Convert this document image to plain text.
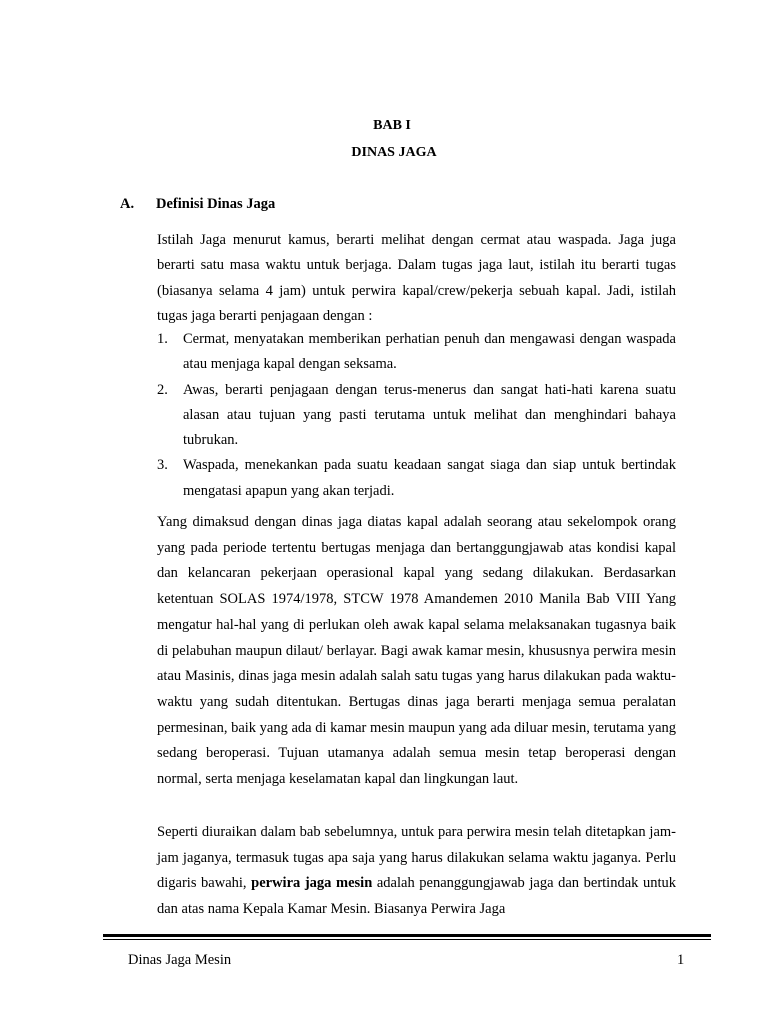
BAB I
DINAS JAGA
A. Definisi Dinas Jaga

Istilah Jaga menurut kamus, berarti melihat dengan cermat atau waspada. Jaga juga berarti satu masa waktu untuk berjaga. Dalam tugas jaga laut, istilah itu berarti tugas (biasanya selama 4 jam) untuk perwira kapal/crew/pekerja sebuah kapal. Jadi, istilah tugas jaga berarti penjagaan dengan :

1. Cermat, menyatakan memberikan perhatian penuh dan mengawasi dengan waspada atau menjaga kapal dengan seksama.
2. Awas, berarti penjagaan dengan terus-menerus dan sangat hati-hati karena suatu alasan atau tujuan yang pasti terutama untuk melihat dan menghindari bahaya tubrukan.
3. Waspada, menekankan pada suatu keadaan sangat siaga dan siap untuk bertindak mengatasi apapun yang akan terjadi.

Yang dimaksud dengan dinas jaga diatas kapal adalah seorang atau sekelompok orang yang pada periode tertentu bertugas menjaga dan bertanggungjawab atas kondisi kapal dan kelancaran pekerjaan operasional kapal yang sedang dilakukan. Berdasarkan ketentuan SOLAS 1974/1978, STCW 1978 Amandemen 2010 Manila Bab VIII Yang mengatur hal-hal yang di perlukan oleh awak kapal selama melaksanakan tugasnya baik di pelabuhan maupun dilaut/ berlayar. Bagi awak kamar mesin, khususnya perwira mesin atau Masinis, dinas jaga mesin adalah salah satu tugas yang harus dilakukan pada waktu-waktu yang sudah ditentukan. Bertugas dinas jaga berarti menjaga semua peralatan permesinan, baik yang ada di kamar mesin maupun yang ada diluar mesin, terutama yang sedang beroperasi. Tujuan utamanya adalah semua mesin tetap beroperasi dengan normal, serta menjaga keselamatan kapal dan lingkungan laut.

Seperti diuraikan dalam bab sebelumnya, untuk para perwira mesin telah ditetapkan jam-jam jaganya, termasuk tugas apa saja yang harus dilakukan selama waktu jaganya. Perlu digaris bawahi, perwira jaga mesin adalah penanggungjawab jaga dan bertindak untuk dan atas nama Kepala Kamar Mesin. Biasanya Perwira Jaga

Dinas Jaga Mesin	1
